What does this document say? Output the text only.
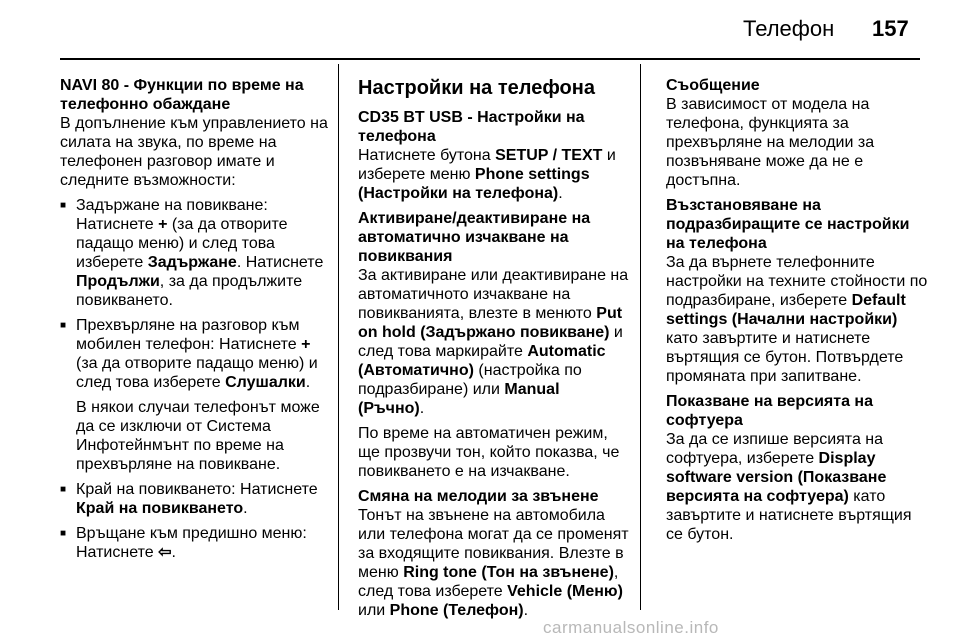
Телефон 157

NAVI 80 - Функции по време на телефонно обаждане

В допълнение към управлението на силата на звука, по време на телефонен разговор имате и следните възможности:

■ Задържане на повикване: Натиснете + (за да отворите падащо меню) и след това изберете Задържане. Натиснете Продължи, за да продължите повикването.
■ Прехвърляне на разговор към мобилен телефон: Натиснете + (за да отворите падащо меню) и след това изберете Слушалки.

В някои случаи телефонът може да се изключи от Система Инфотейнмънт по време на прехвърляне на повикване.

■ Край на повикването: Натиснете Край на повикването.
■ Връщане към предишно меню: Натиснете ⇦.

Настройки на телефона

CD35 BT USB - Настройки на телефона

Натиснете бутона SETUP / TEXT и изберете меню Phone settings (Настройки на телефона).

Активиране/деактивиране на автоматично изчакване на повиквания

За активиране или деактивиране на автоматичното изчакване на повикванията, влезте в менюто Put on hold (Задържано повикване) и след това маркирайте Automatic (Автоматично) (настройка по подразбиране) или Manual (Ръчно).

По време на автоматичен режим, ще прозвучи тон, който показва, че повикването е на изчакване.

Смяна на мелодии за звънене

Тонът на звънене на автомобила или телефона могат да се променят за входящите повиквания. Влезте в меню Ring tone (Тон на звънене), след това изберете Vehicle (Меню) или Phone (Телефон).

Съобщение

В зависимост от модела на телефона, функцията за прехвърляне на мелодии за позвъняване може да не е достъпна.

Възстановяване на подразбиращите се настройки на телефона

За да върнете телефонните настройки на техните стойности по подразбиране, изберете Default settings (Начални настройки) като завъртите и натиснете въртящия се бутон. Потвърдете промяната при запитване.

Показване на версията на софтуера

За да се изпише версията на софтуера, изберете Display software version (Показване версията на софтуера) като завъртите и натиснете въртящия се бутон.

carmanualsonline.info
